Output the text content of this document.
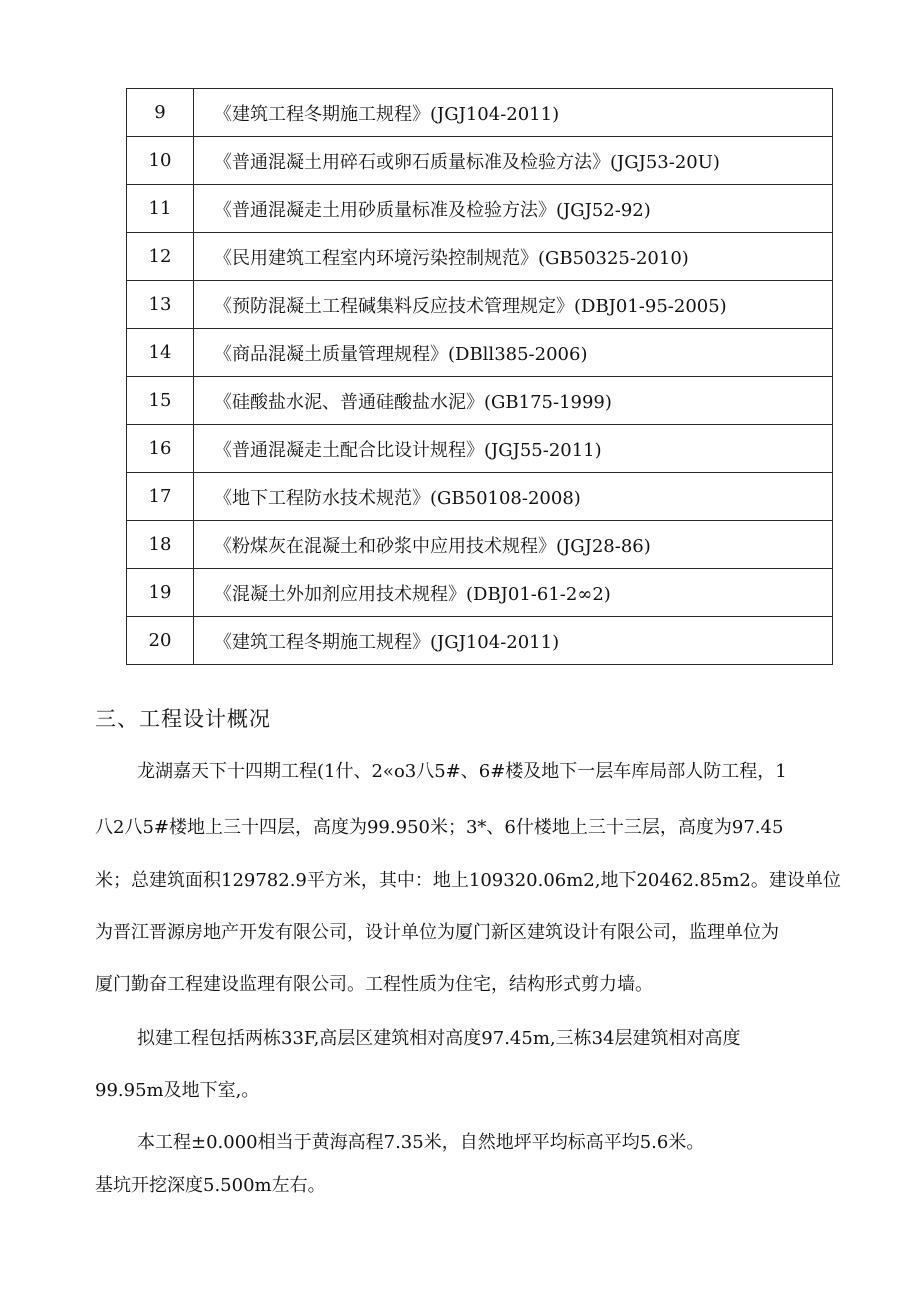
9	《建筑工程冬期施工规程》(JGJ104-2011)
10	《普通混凝土用碎石或卵石质量标准及检验方法》(JGJ53-20U)
11	《普通混凝走土用砂质量标准及检验方法》(JGJ52-92)
12	《民用建筑工程室内环境污染控制规范》(GB50325-2010)
13	《预防混凝土工程碱集料反应技术管理规定》(DBJ01-95-2005)
14	《商品混凝土质量管理规程》(DBll385-2006)
15	《硅酸盐水泥、普通硅酸盐水泥》(GB175-1999)
16	《普通混凝走土配合比设计规程》(JGJ55-2011)
17	《地下工程防水技术规范》(GB50108-2008)
18	《粉煤灰在混凝土和砂浆中应用技术规程》(JGJ28-86)
19	《混凝土外加剂应用技术规程》(DBJ01-61-2∞2)
20	《建筑工程冬期施工规程》(JGJ104-2011)
三、工程设计概况
龙湖嘉天下十四期工程(1什、2«o3八5#、6#楼及地下一层车库局部人防工程，1
八2八5#楼地上三十四层，高度为99.950米；3*、6什楼地上三十三层，高度为97.45
米；总建筑面积129782.9平方米，其中：地上109320.06m2,地下20462.85m2。建设单位
为晋江晋源房地产开发有限公司，设计单位为厦门新区建筑设计有限公司，监理单位为
厦门勤奋工程建设监理有限公司。工程性质为住宅，结构形式剪力墙。
拟建工程包括两栋33F,高层区建筑相对高度97.45m,三栋34层建筑相对高度
99.95m及地下室,。
本工程±0.000相当于黄海高程7.35米，自然地坪平均标高平均5.6米。
基坑开挖深度5.500m左右。
